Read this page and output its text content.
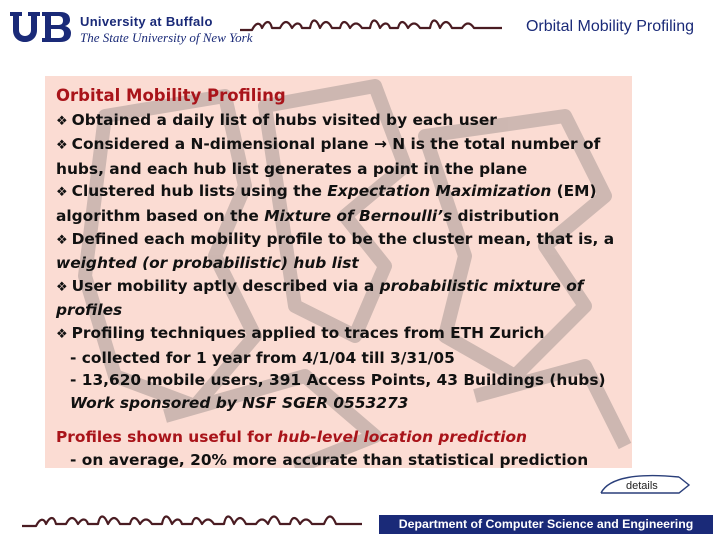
University at Buffalo
The State University of New York
Orbital Mobility Profiling
Orbital Mobility Profiling
❖ Obtained a daily list of hubs visited by each user
❖ Considered a N-dimensional plane → N is the total number of
hubs, and each hub list generates a point in the plane
❖ Clustered hub lists using the Expectation Maximization (EM)
algorithm based on the Mixture of Bernoulli’s distribution
❖ Defined each mobility profile to be the cluster mean, that is, a
weighted (or probabilistic) hub list
❖ User mobility aptly described via a probabilistic mixture of
profiles
❖ Profiling techniques applied to traces from ETH Zurich
- collected for 1 year from 4/1/04 till 3/31/05
- 13,620 mobile users, 391 Access Points, 43 Buildings (hubs)
Work sponsored by NSF SGER 0553273
Profiles shown useful for hub-level location prediction
- on average, 20% more accurate than statistical prediction
details
Department of Computer Science and Engineering
